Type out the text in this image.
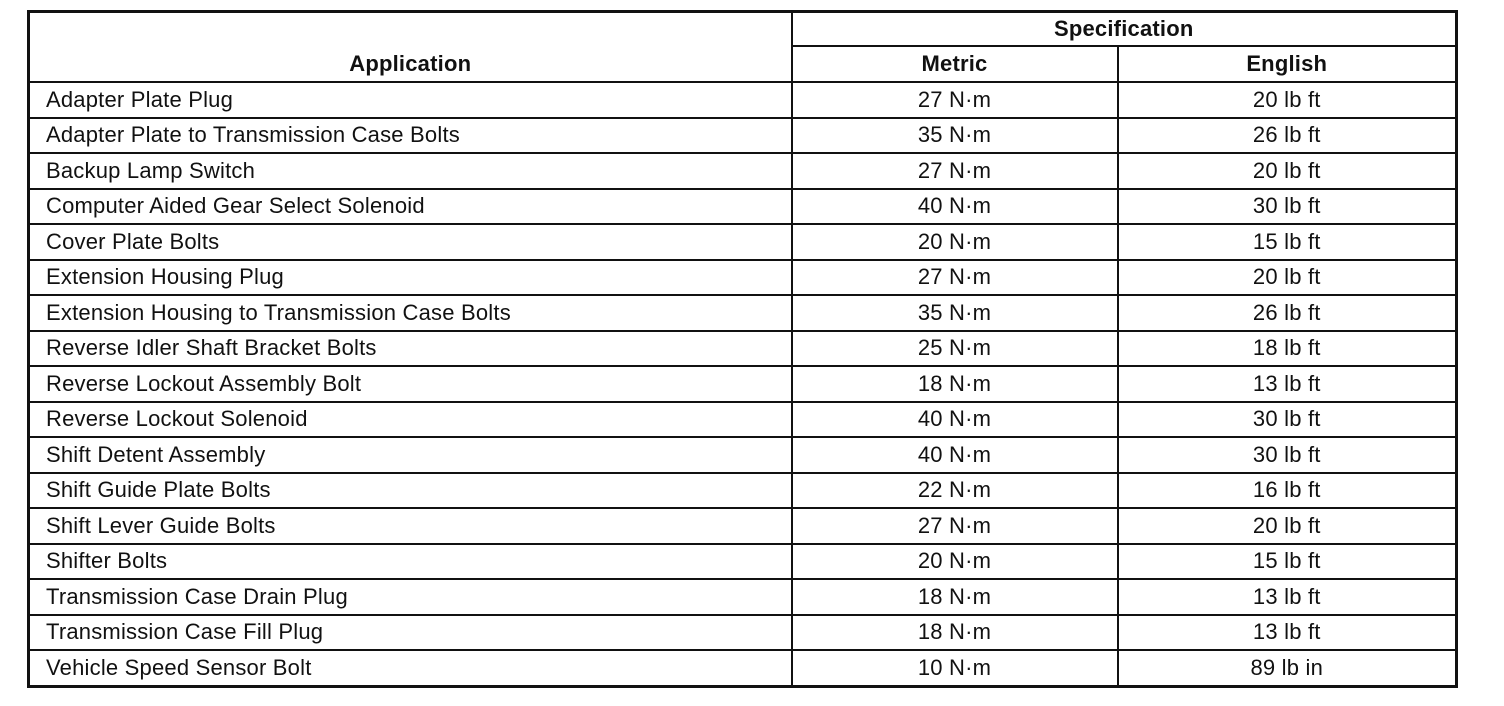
Application	Specification	
	Metric	English
Adapter Plate Plug	27 N·m	20 lb ft
Adapter Plate to Transmission Case Bolts	35 N·m	26 lb ft
Backup Lamp Switch	27 N·m	20 lb ft
Computer Aided Gear Select Solenoid	40 N·m	30 lb ft
Cover Plate Bolts	20 N·m	15 lb ft
Extension Housing Plug	27 N·m	20 lb ft
Extension Housing to Transmission Case Bolts	35 N·m	26 lb ft
Reverse Idler Shaft Bracket Bolts	25 N·m	18 lb ft
Reverse Lockout Assembly Bolt	18 N·m	13 lb ft
Reverse Lockout Solenoid	40 N·m	30 lb ft
Shift Detent Assembly	40 N·m	30 lb ft
Shift Guide Plate Bolts	22 N·m	16 lb ft
Shift Lever Guide Bolts	27 N·m	20 lb ft
Shifter Bolts	20 N·m	15 lb ft
Transmission Case Drain Plug	18 N·m	13 lb ft
Transmission Case Fill Plug	18 N·m	13 lb ft
Vehicle Speed Sensor Bolt	10 N·m	89 lb in
